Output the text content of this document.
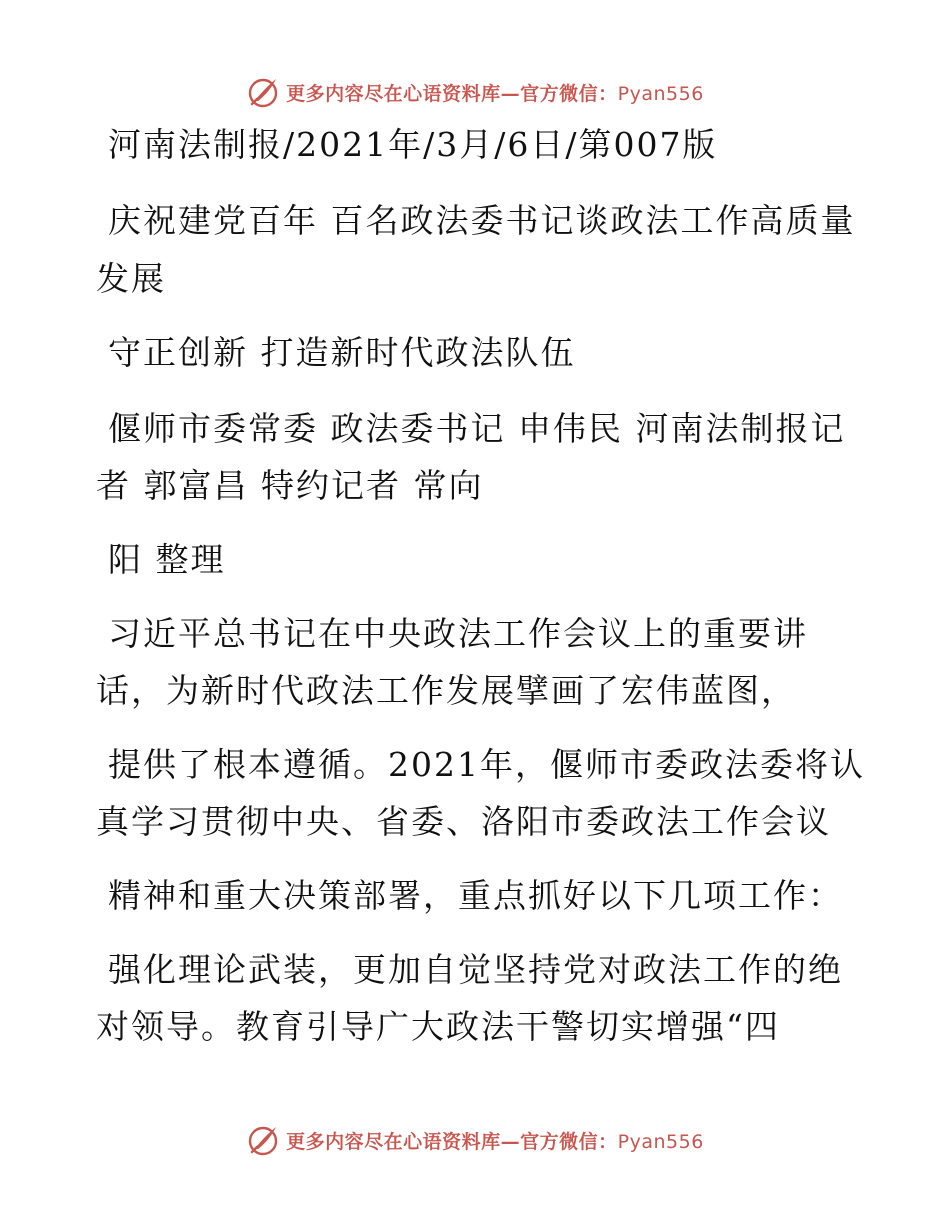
更多内容尽在心语资料库—官方微信：Pyan556
河南法制报/2021年/3月/6日/第007版
庆祝建党百年 百名政法委书记谈政法工作高质量
发展
守正创新 打造新时代政法队伍
偃师市委常委 政法委书记 申伟民 河南法制报记
者 郭富昌 特约记者 常向
阳 整理
习近平总书记在中央政法工作会议上的重要讲
话，为新时代政法工作发展擘画了宏伟蓝图，
提供了根本遵循。2021年，偃师市委政法委将认
真学习贯彻中央、省委、洛阳市委政法工作会议
精神和重大决策部署，重点抓好以下几项工作：
强化理论武装，更加自觉坚持党对政法工作的绝
对领导。教育引导广大政法干警切实增强“四
更多内容尽在心语资料库—官方微信：Pyan556
